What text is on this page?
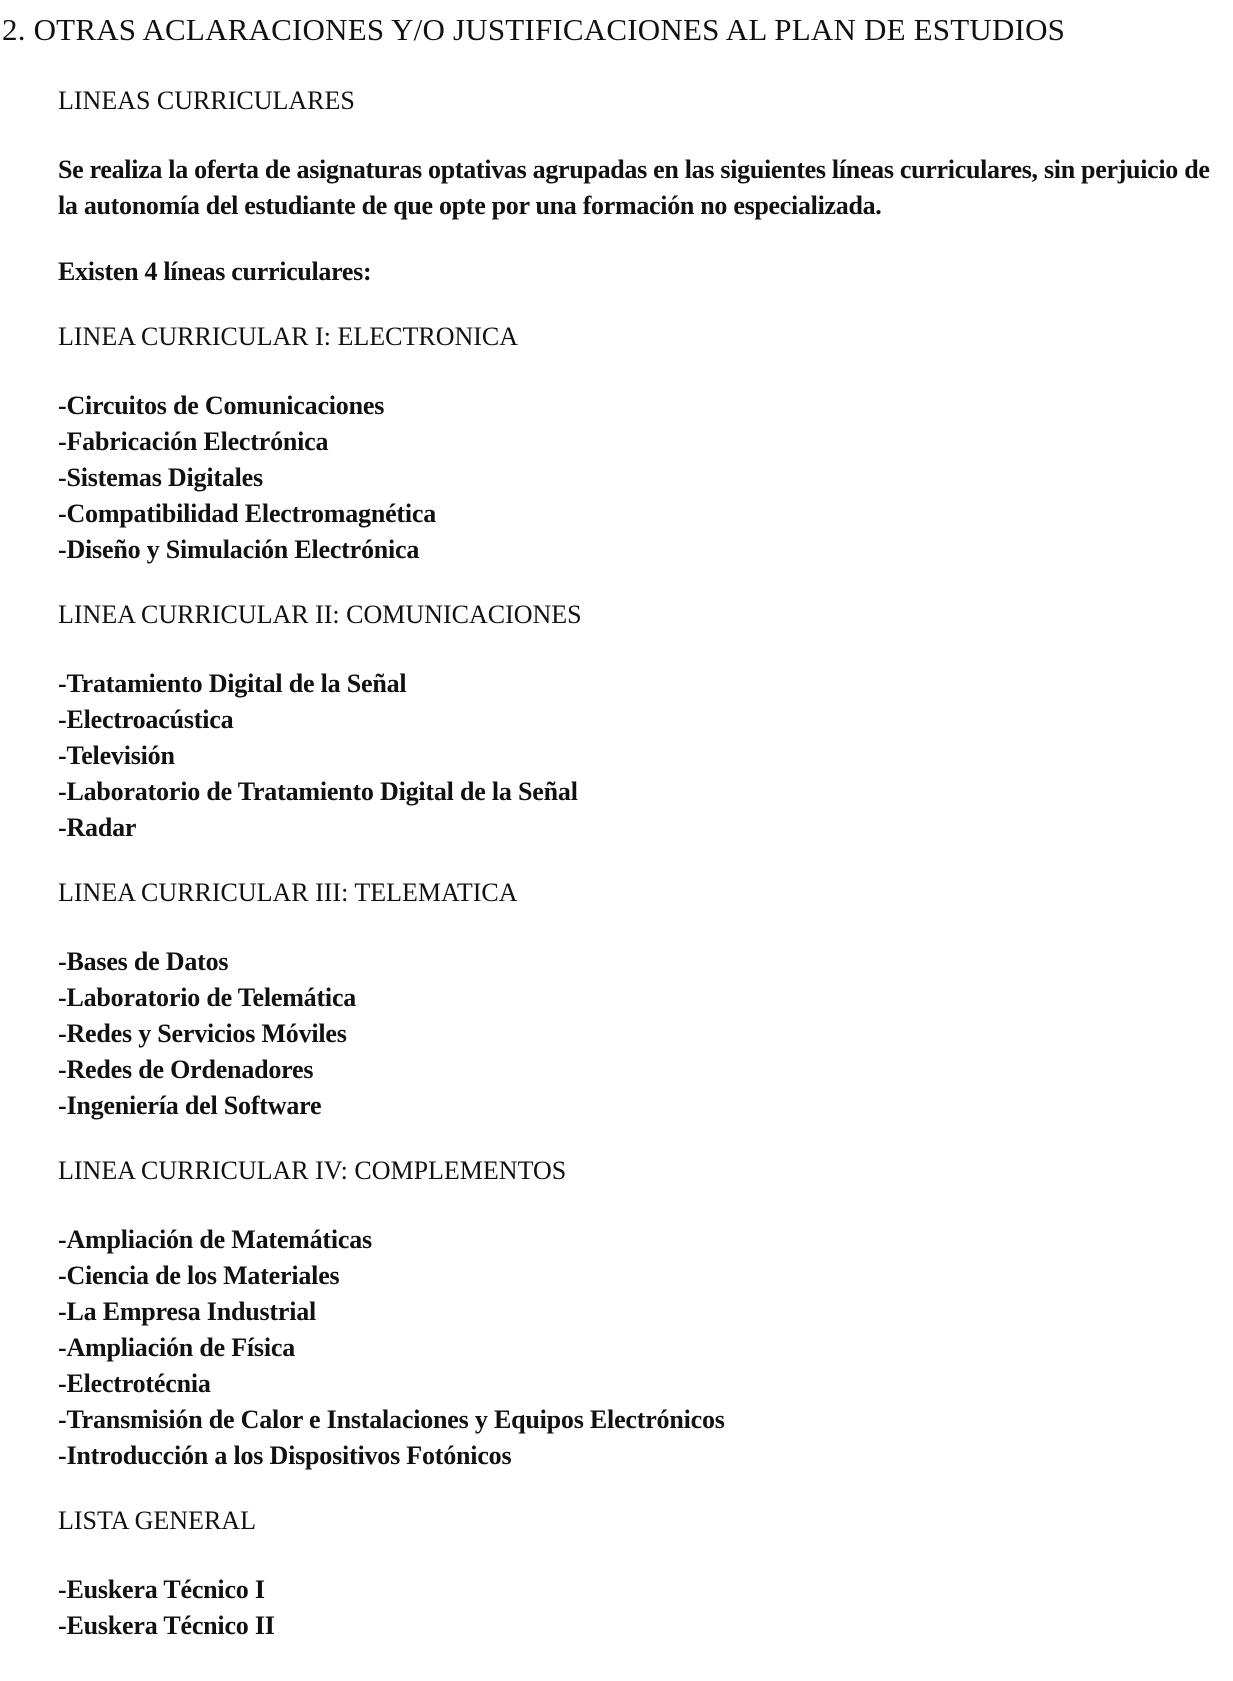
2. OTRAS ACLARACIONES Y/O JUSTIFICACIONES AL PLAN DE ESTUDIOS
LINEAS CURRICULARES
Se realiza la oferta de asignaturas optativas agrupadas en las siguientes líneas curriculares, sin perjuicio de la autonomía del estudiante de que opte por una formación no especializada.
Existen 4 líneas curriculares:
LINEA CURRICULAR I: ELECTRONICA
-Circuitos de Comunicaciones
-Fabricación Electrónica
-Sistemas Digitales
-Compatibilidad Electromagnética
-Diseño y Simulación Electrónica
LINEA CURRICULAR II: COMUNICACIONES
-Tratamiento Digital de la Señal
-Electroacústica
-Televisión
-Laboratorio de Tratamiento Digital de la Señal
-Radar
LINEA CURRICULAR III: TELEMATICA
-Bases de Datos
-Laboratorio de Telemática
-Redes y Servicios Móviles
-Redes de Ordenadores
-Ingeniería del Software
LINEA CURRICULAR IV: COMPLEMENTOS
-Ampliación de Matemáticas
-Ciencia de los Materiales
-La Empresa Industrial
-Ampliación de Física
-Electrotécnia
-Transmisión de Calor e Instalaciones y Equipos Electrónicos
-Introducción a los Dispositivos Fotónicos
LISTA GENERAL
-Euskera Técnico I
-Euskera Técnico II
